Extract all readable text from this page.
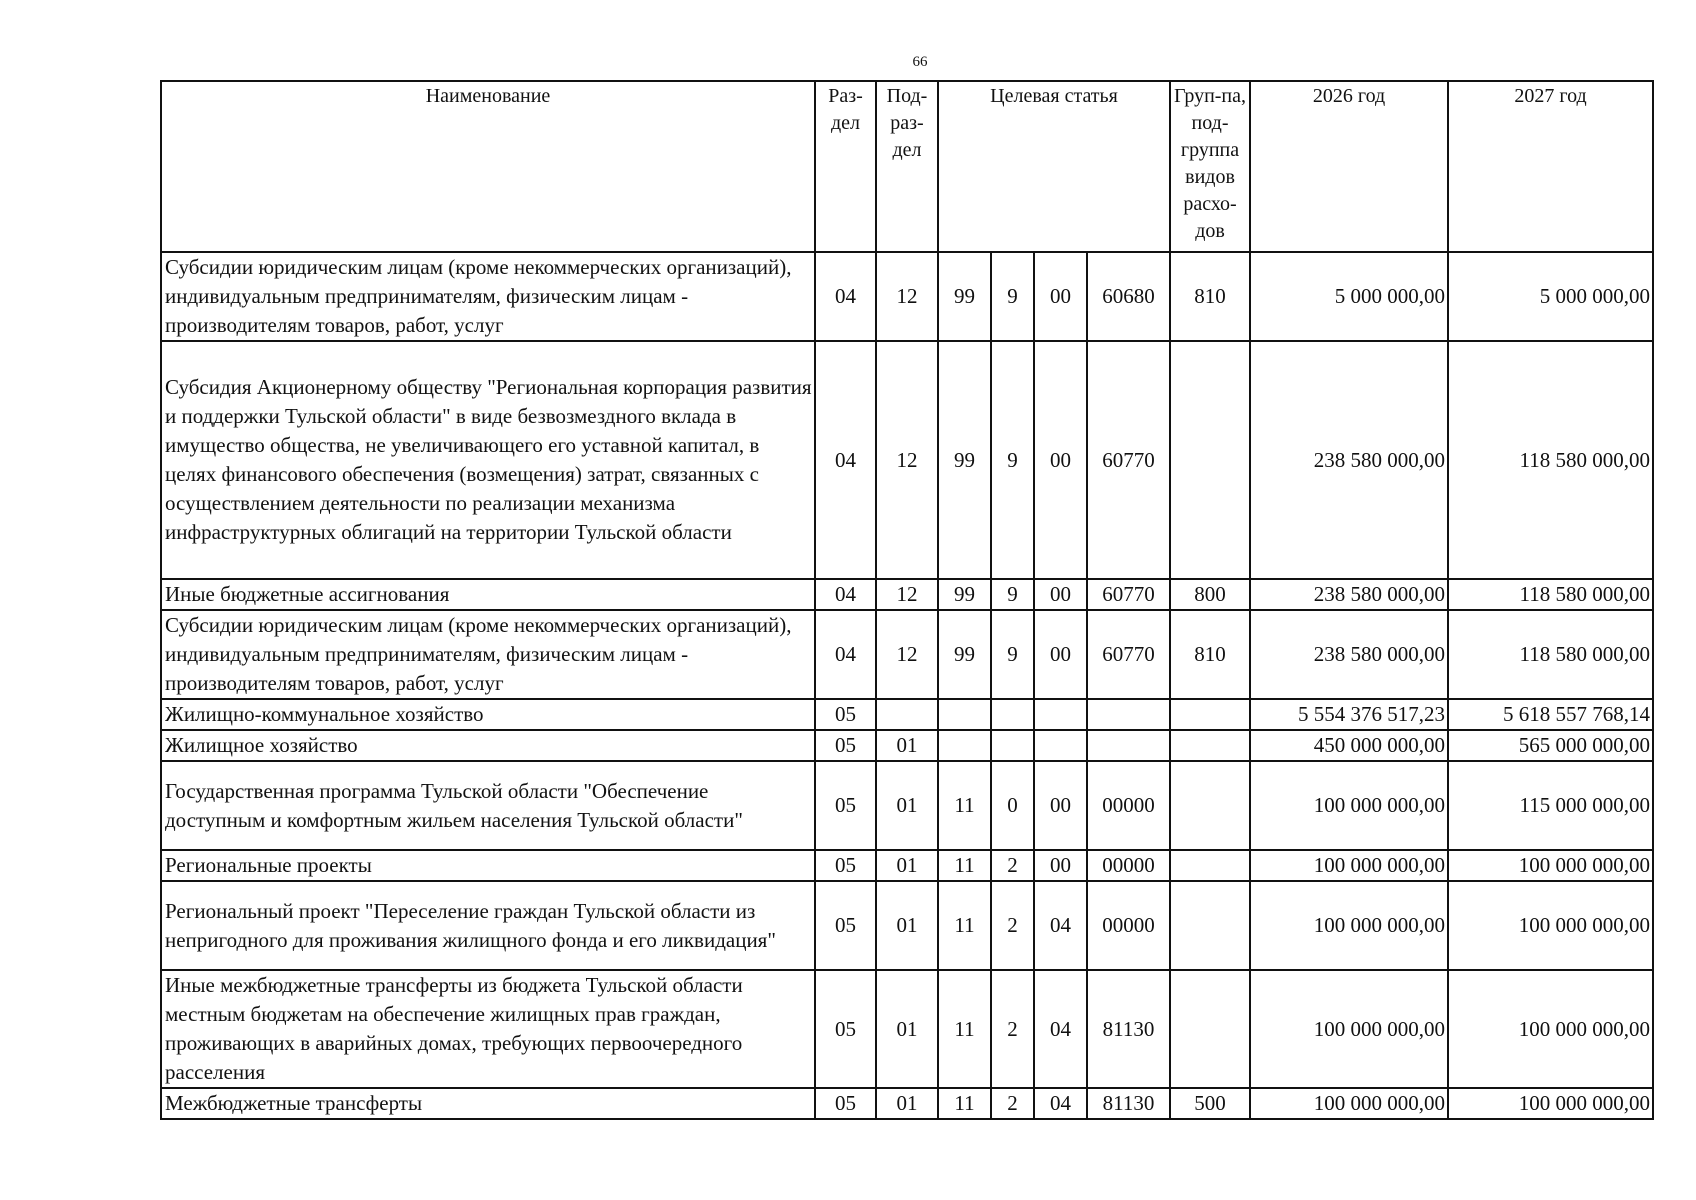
66
Наименование	Раз-дел	Под-раз-дел	Целевая статья				Груп-па, под-группа видов расхо-дов	2026 год	2027 год
Субсидии юридическим лицам (кроме некоммерческих организаций), индивидуальным предпринимателям, физическим лицам - производителям товаров, работ, услуг	04	12	99	9	00	60680	810	5 000 000,00	5 000 000,00
Субсидия Акционерному обществу "Региональная корпорация развития и поддержки Тульской области" в виде безвозмездного вклада в имущество общества, не увеличивающего его уставной капитал, в целях финансового обеспечения (возмещения) затрат, связанных с осуществлением деятельности по реализации механизма инфраструктурных облигаций на территории Тульской области	04	12	99	9	00	60770		238 580 000,00	118 580 000,00
Иные бюджетные ассигнования	04	12	99	9	00	60770	800	238 580 000,00	118 580 000,00
Субсидии юридическим лицам (кроме некоммерческих организаций), индивидуальным предпринимателям, физическим лицам - производителям товаров, работ, услуг	04	12	99	9	00	60770	810	238 580 000,00	118 580 000,00
Жилищно-коммунальное хозяйство	05							5 554 376 517,23	5 618 557 768,14
Жилищное хозяйство	05	01						450 000 000,00	565 000 000,00
Государственная программа Тульской области "Обеспечение доступным и комфортным жильем населения Тульской области"	05	01	11	0	00	00000		100 000 000,00	115 000 000,00
Региональные проекты	05	01	11	2	00	00000		100 000 000,00	100 000 000,00
Региональный проект "Переселение граждан Тульской области из непригодного для проживания жилищного фонда и его ликвидация"	05	01	11	2	04	00000		100 000 000,00	100 000 000,00
Иные межбюджетные трансферты из бюджета Тульской области местным бюджетам на обеспечение жилищных прав граждан, проживающих в аварийных домах, требующих первоочередного расселения	05	01	11	2	04	81130		100 000 000,00	100 000 000,00
Межбюджетные трансферты	05	01	11	2	04	81130	500	100 000 000,00	100 000 000,00
